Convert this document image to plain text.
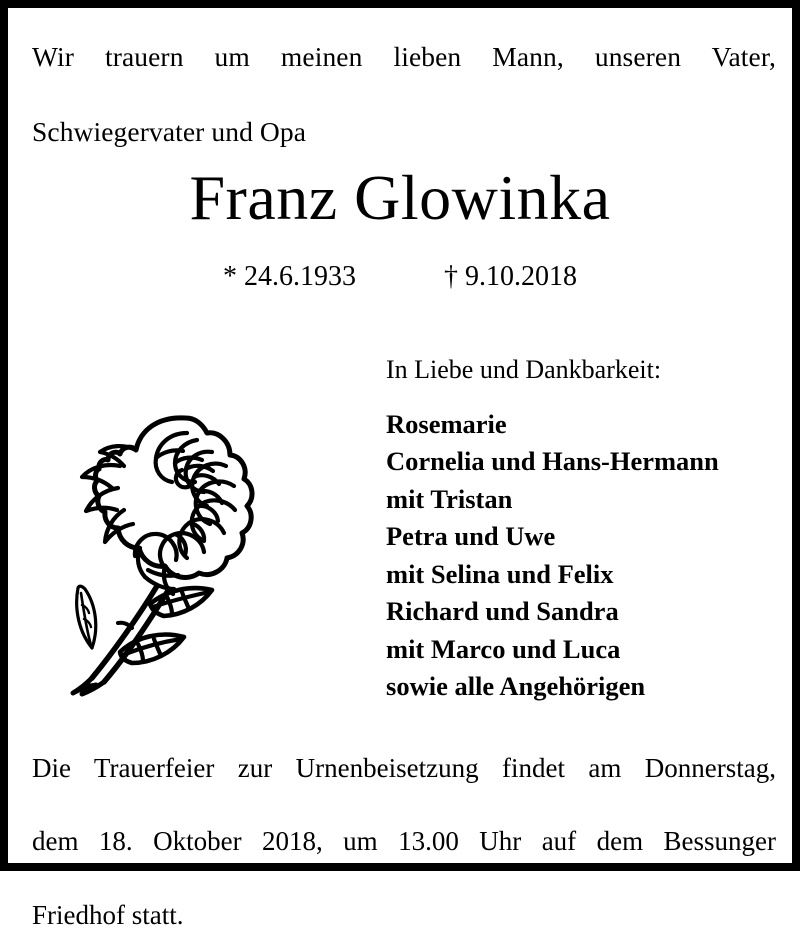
Wir trauern um meinen lieben Mann, unseren Vater,
Schwiegervater und Opa
Franz Glowinka
* 24.6.1933	† 9.10.2018
In Liebe und Dankbarkeit:
Rosemarie
Cornelia und Hans-Hermann
mit Tristan
Petra und Uwe
mit Selina und Felix
Richard und Sandra
mit Marco und Luca
sowie alle Angehörigen
Die Trauerfeier zur Urnenbeisetzung findet am Donnerstag,
dem 18. Oktober 2018, um 13.00 Uhr auf dem Bessunger
Friedhof statt.
